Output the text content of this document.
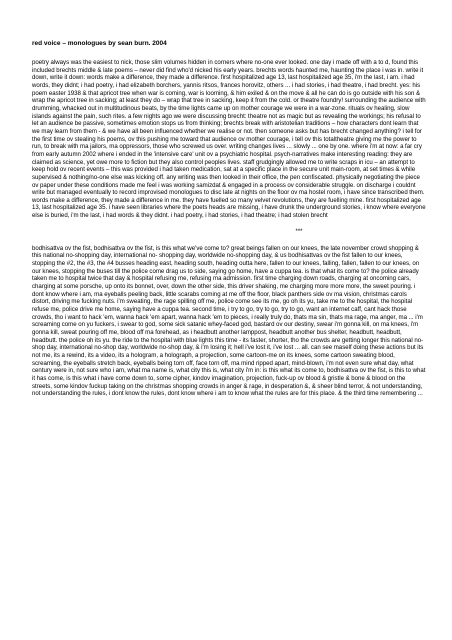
red voice – monologues by sean burn. 2004

poetry always was the easiest to nick, those slim volumes hidden in corners where no-one ever looked. one day i made off with a to d, found this included brechts middle & late poems – never did find who'd nicked his early years. brechts words haunted me, haunting the place i was in. write it down, write it down: words make a difference, they made a difference. first hospitalized age 13, last hospitalized age 35, i'm the last, i am. i had words, they didnt; i had poetry, i had elizabeth borchers, yannis ritsos, frances horovitz, others ... i had stories, i had theatre, i had brecht. yes: his poem easter 1938 & that apricot tree when war is coming, war is looming, & him exiled & on the move & all he can do is go outside with his son & wrap the apricot tree in sacking; at least they do – wrap that tree in sacking, keep it from the cold. or theatre foundry! surrounding the audience with drumming, whacked out in multitudinous beats, by the time lights came up on mother courage we were in a war-zone. rituals ov healing, slow islands against the pain, such rites. a few nights ago we were discussing brecht: theatre not as magic but as revealing the workings; his refusal to let an audience be passive, sometimes emotion stops us from thinking; brechts break with aristotelian traditions – how characters dont learn that we may learn from them - & we have all been influenced whether we realise or not. then someone asks but has brecht changed anything? i tell for the first time ov stealing his poems, ov this pushing me toward that audience ov mother courage, i tell ov this totaltheatre giving me the power to run, to break with ma jailors, ma oppressors, those who screwed us over. writing changes lives ... slowly ... one by one. where i'm at now: a far cry from early autumn 2002 where i ended in the 'intensive care' unit ov a psychiatric hospital. psych-narratives make interesting reading: they are claimed as science, yet owe more to fiction but they also control peoples lives. staff grudgingly allowed me to write scraps in icu – an attempt to keep hold ov recent events – this was provided i had taken medication, sat at a specific place in the secure unit main-room, at set times & while supervised & nothing/no-one else was kicking off. any writing was then looked in their office, the pen confiscated. physically negotiating the piece ov paper under these conditions made me feel i was working samizdat & engaged in a process ov considerable struggle. on discharge i couldnt write but managed eventually to record improvised monologues to disc late at nights on the floor ov ma hostel room, i have since transcribed them. words make a difference, they made a difference in me. they have fuelled so many velvet revolutions, they are fuelling mine. first hospitalized age 13, last hospitalized age 35. i have seen libraries where the poets heads are missing, i have drunk the underground stories, i know where everyone else is buried, i'm the last, i had words & they didnt. i had poetry, i had stories, i had theatre; i had stolen brecht

***

bodhisattva ov the fist, bodhisattva ov the fist, is this what we've come to? great beings fallen on our knees, the late november crowd shopping & this national no-shopping day, international no- shopping day, worldwide no-shopping day, & us bodhisattvas ov the fist fallen to our knees, stopping the #2, the #3, the #4 busses heading east, heading south, heading outta here, fallen to our knees, falling, fallen, fallen to our knees, on our knees, stopping the buses till the police come drag us to side, saying go home, have a cuppa tea. is that what its come to? the police already taken me to hospital twice that day & hospital refusing me, refusing ma admission. first time charging down roads, charging at oncoming cars, charging at some porsche, up onto its bonnet, over, down the other side, this driver shaking, me charging more more more, the sweet pouring. i dont know where i am, ma eyeballs peeling back, little scarabs coming at me off the floor, black panthers side ov ma vision, christmas carols distort, driving me fucking nuts. i'm sweating, the rage spilling off me, police come see its me, go oh its yu, take me to the hospital, the hospital refuse me, police drive me home, saying have a cuppa tea. second time, i try to go, try to go, try to go, want an internet caff, cant hack those crowds, tho i want to hack 'em, wanna hack 'em apart, wanna hack 'em to pieces, i really truly do, thats ma sin, thats ma rage, ma anger, ma ... i'm screaming come on yu fuckers, i swear to god, some sick satanic whey-faced god, bastard ov our destiny, swear i'm gonna kill, on ma knees, i'm gonna kill, sweat pouring off me, blood off ma forehead, as i headbutt another lamppost, headbutt another bus shelter, headbutt, headbutt, headbutt. the police oh its yu. the ride to the hospital with blue lights this time - its faster, shorter, tho the crowds are getting longer this national no-shop day, international no-shop day, worldwide no-shop day, & i'm losing it; hell i've lost it, i've lost ... all. can see maself doing these actions but its not me, its a rewind, its a video, its a hologram, a holograph, a projection, some cartoon-me on its knees, some cartoon sweating blood, screaming, the eyeballs stretch back, eyeballs being torn off, face torn off, ma mind ripped apart, mind-blown, i'm not even sure what day, what century were in, not sure who i am, what ma name is, what city this is, what city i'm in: is this what its come to, bodhisattva ov the fist, is this to what it has come, is this what i have come down to, some cipher, kindov imagination, projection, fuck-up ov blood & gristle & bone & blood on the streets, some kindov fuckup taking on the christmas shopping crowds in anger & rage, in desperation &, & sheer blind terror, & not understanding, not understanding the rules, i dont know the rules, dont know where i am to know what the rules are for this place. & the third time remembering ...
